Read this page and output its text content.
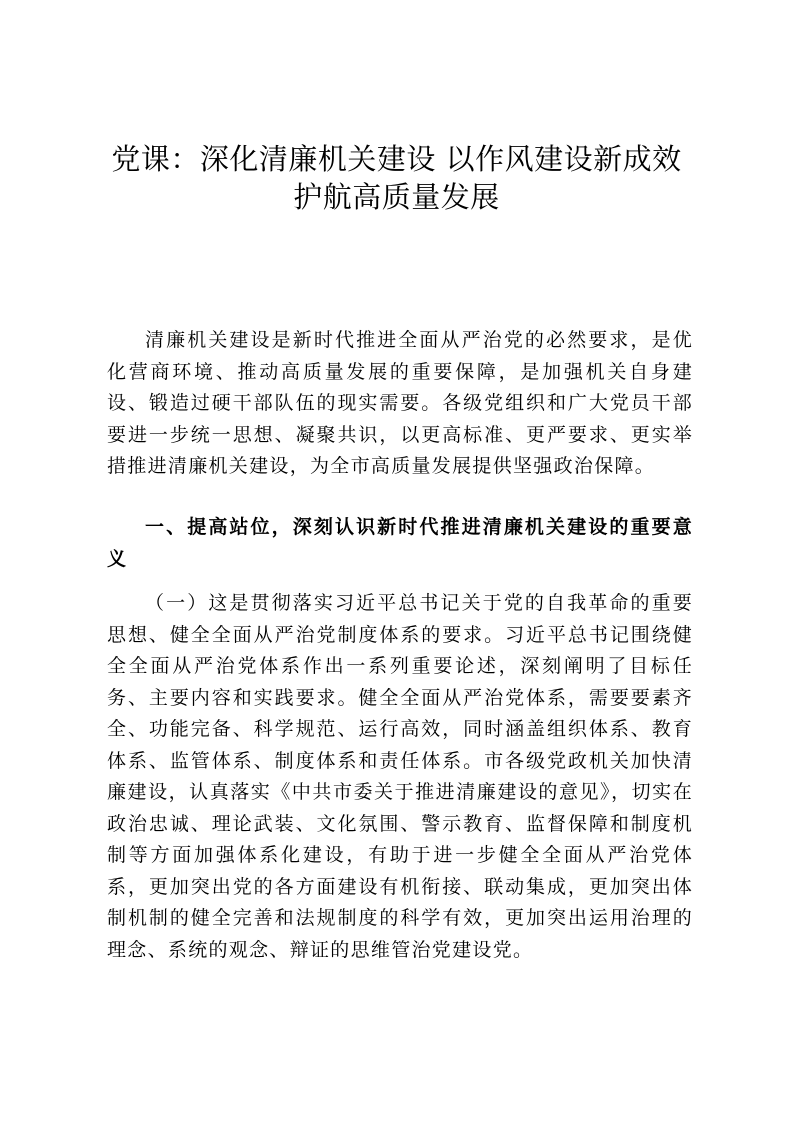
党课：深化清廉机关建设 以作风建设新成效
护航高质量发展

清廉机关建设是新时代推进全面从严治党的必然要求，是优化营商环境、推动高质量发展的重要保障，是加强机关自身建设、锻造过硬干部队伍的现实需要。各级党组织和广大党员干部要进一步统一思想、凝聚共识，以更高标准、更严要求、更实举措推进清廉机关建设，为全市高质量发展提供坚强政治保障。

一、提高站位，深刻认识新时代推进清廉机关建设的重要意义

（一）这是贯彻落实习近平总书记关于党的自我革命的重要思想、健全全面从严治党制度体系的要求。习近平总书记围绕健全全面从严治党体系作出一系列重要论述，深刻阐明了目标任务、主要内容和实践要求。健全全面从严治党体系，需要要素齐全、功能完备、科学规范、运行高效，同时涵盖组织体系、教育体系、监管体系、制度体系和责任体系。市各级党政机关加快清廉建设，认真落实《中共市委关于推进清廉建设的意见》，切实在政治忠诚、理论武装、文化氛围、警示教育、监督保障和制度机制等方面加强体系化建设，有助于进一步健全全面从严治党体系，更加突出党的各方面建设有机衔接、联动集成，更加突出体制机制的健全完善和法规制度的科学有效，更加突出运用治理的理念、系统的观念、辩证的思维管治党建设党。
